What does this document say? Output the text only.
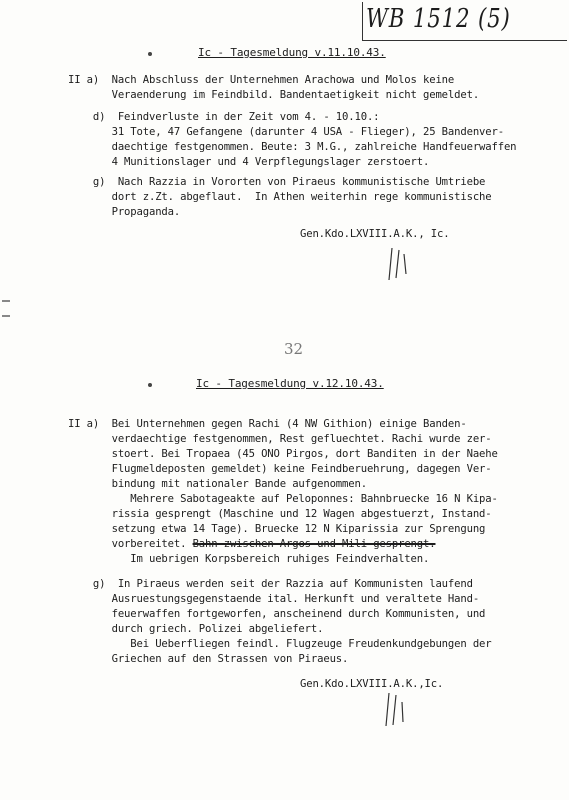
WB 1512 (5)
Ic - Tagesmeldung v.11.10.43.
II a)  Nach Abschluss der Unternehmen Arachowa und Molos keine
Veraenderung im Feindbild. Bandentaetigkeit nicht gemeldet.
d)  Feindverluste in der Zeit vom 4. - 10.10.:
31 Tote, 47 Gefangene (darunter 4 USA - Flieger), 25 Bandenver-
daechtige festgenommen. Beute: 3 M.G., zahlreiche Handfeuerwaffen
4 Munitionslager und 4 Verpflegungslager zerstoert.
g)  Nach Razzia in Vororten von Piraeus kommunistische Umtriebe
dort z.Zt. abgeflaut.  In Athen weiterhin rege kommunistische
Propaganda.
Gen.Kdo.LXVIII.A.K., Ic.
32
Ic - Tagesmeldung v.12.10.43.
II a)  Bei Unternehmen gegen Rachi (4 NW Githion) einige Banden-
verdaechtige festgenommen, Rest gefluechtet. Rachi wurde zer-
stoert. Bei Tropaea (45 ONO Pirgos, dort Banditen in der Naehe
Flugmeldeposten gemeldet) keine Feindberuehrung, dagegen Ver-
bindung mit nationaler Bande aufgenommen.
Mehrere Sabotageakte auf Peloponnes: Bahnbruecke 16 N Kipa-
rissia gesprengt (Maschine und 12 Wagen abgestuerzt, Instand-
setzung etwa 14 Tage). Bruecke 12 N Kiparissia zur Sprengung
vorbereitet. Bahn zwischen Argos und Mili gesprengt.
Im uebrigen Korpsbereich ruhiges Feindverhalten.
g)  In Piraeus werden seit der Razzia auf Kommunisten laufend
Ausruestungsgegenstaende ital. Herkunft und veraltete Hand-
feuerwaffen fortgeworfen, anscheinend durch Kommunisten, und
durch griech. Polizei abgeliefert.
Bei Ueberfliegen feindl. Flugzeuge Freudenkundgebungen der
Griechen auf den Strassen von Piraeus.
Gen.Kdo.LXVIII.A.K.,Ic.
